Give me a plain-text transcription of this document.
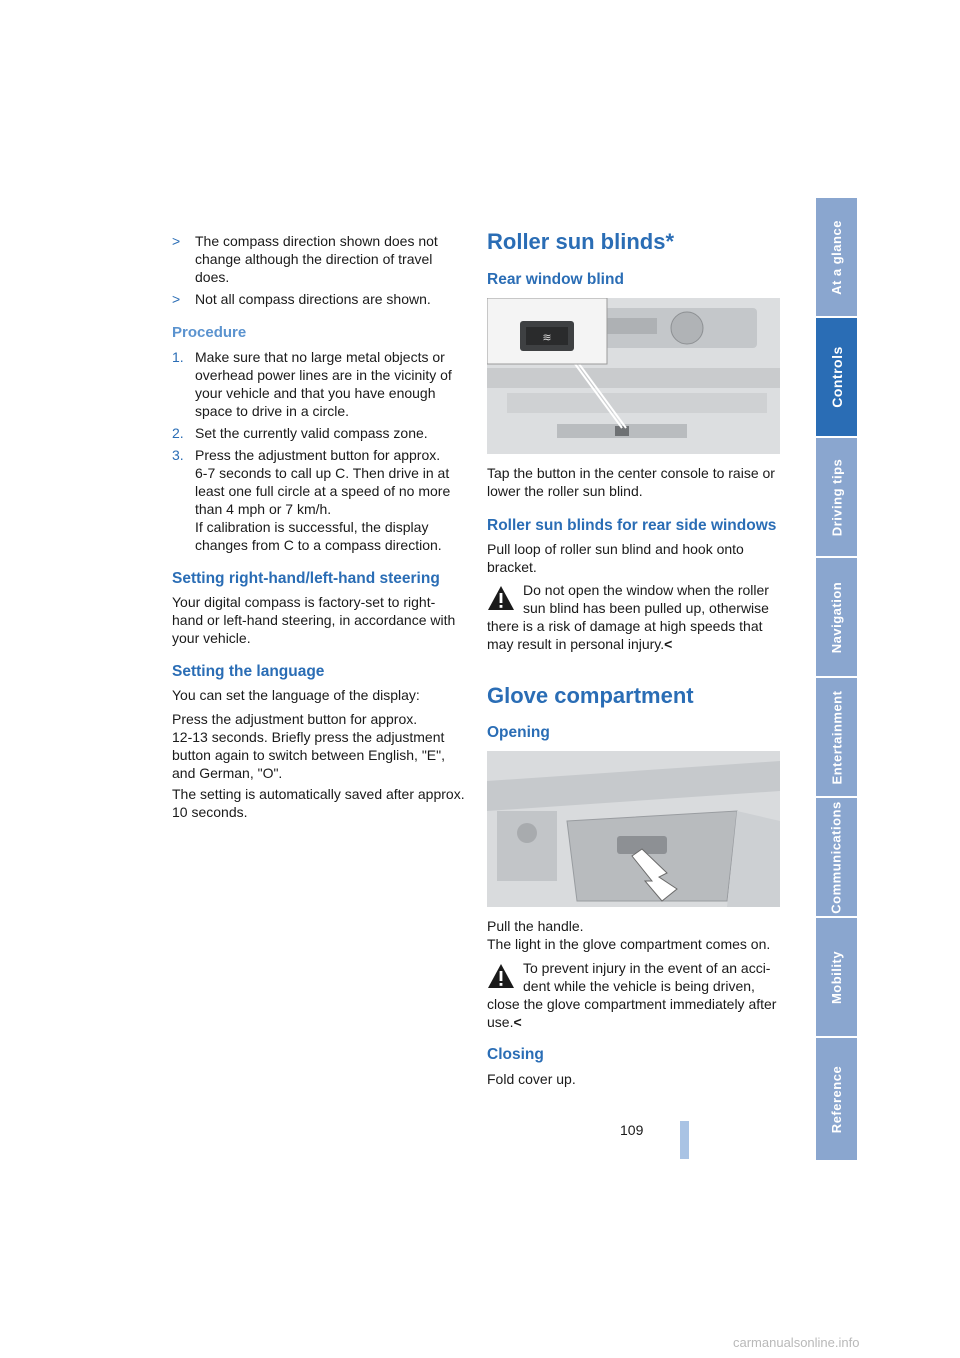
> The compass direction shown does not change although the direction of travel does.
> Not all compass directions are shown.
Procedure
1. Make sure that no large metal objects or
overhead power lines are in the vicinity of
your vehicle and that you have enough
space to drive in a circle.
2. Set the currently valid compass zone.
3. Press the adjustment button for approx.
6-7 seconds to call up C. Then drive in at
least one full circle at a speed of no more
than 4 mph or 7 km/h.
If calibration is successful, the display
changes from C to a compass direction.
Setting right-hand/left-hand steering
Your digital compass is factory-set to right-
hand or left-hand steering, in accordance with
your vehicle.
Setting the language
You can set the language of the display:
Press the adjustment button for approx.
12-13 seconds. Briefly press the adjustment
button again to switch between English, "E",
and German, "O".
The setting is automatically saved after approx.
10 seconds.
Roller sun blinds*
Rear window blind
≋
Tap the button in the center console to raise or
lower the roller sun blind.
Roller sun blinds for rear side windows
Pull loop of roller sun blind and hook onto
bracket.
Do not open the window when the roller
sun blind has been pulled up, otherwise
there is a risk of damage at high speeds that
may result in personal injury.<
Glove compartment
Opening
Pull the handle.
The light in the glove compartment comes on.
To prevent injury in the event of an acci-
dent while the vehicle is being driven,
close the glove compartment immediately after
use.<
Closing
Fold cover up.
At a glance
Controls
Driving tips
Navigation
Entertainment
Communications
Mobility
Reference
109
carmanualsonline.info
